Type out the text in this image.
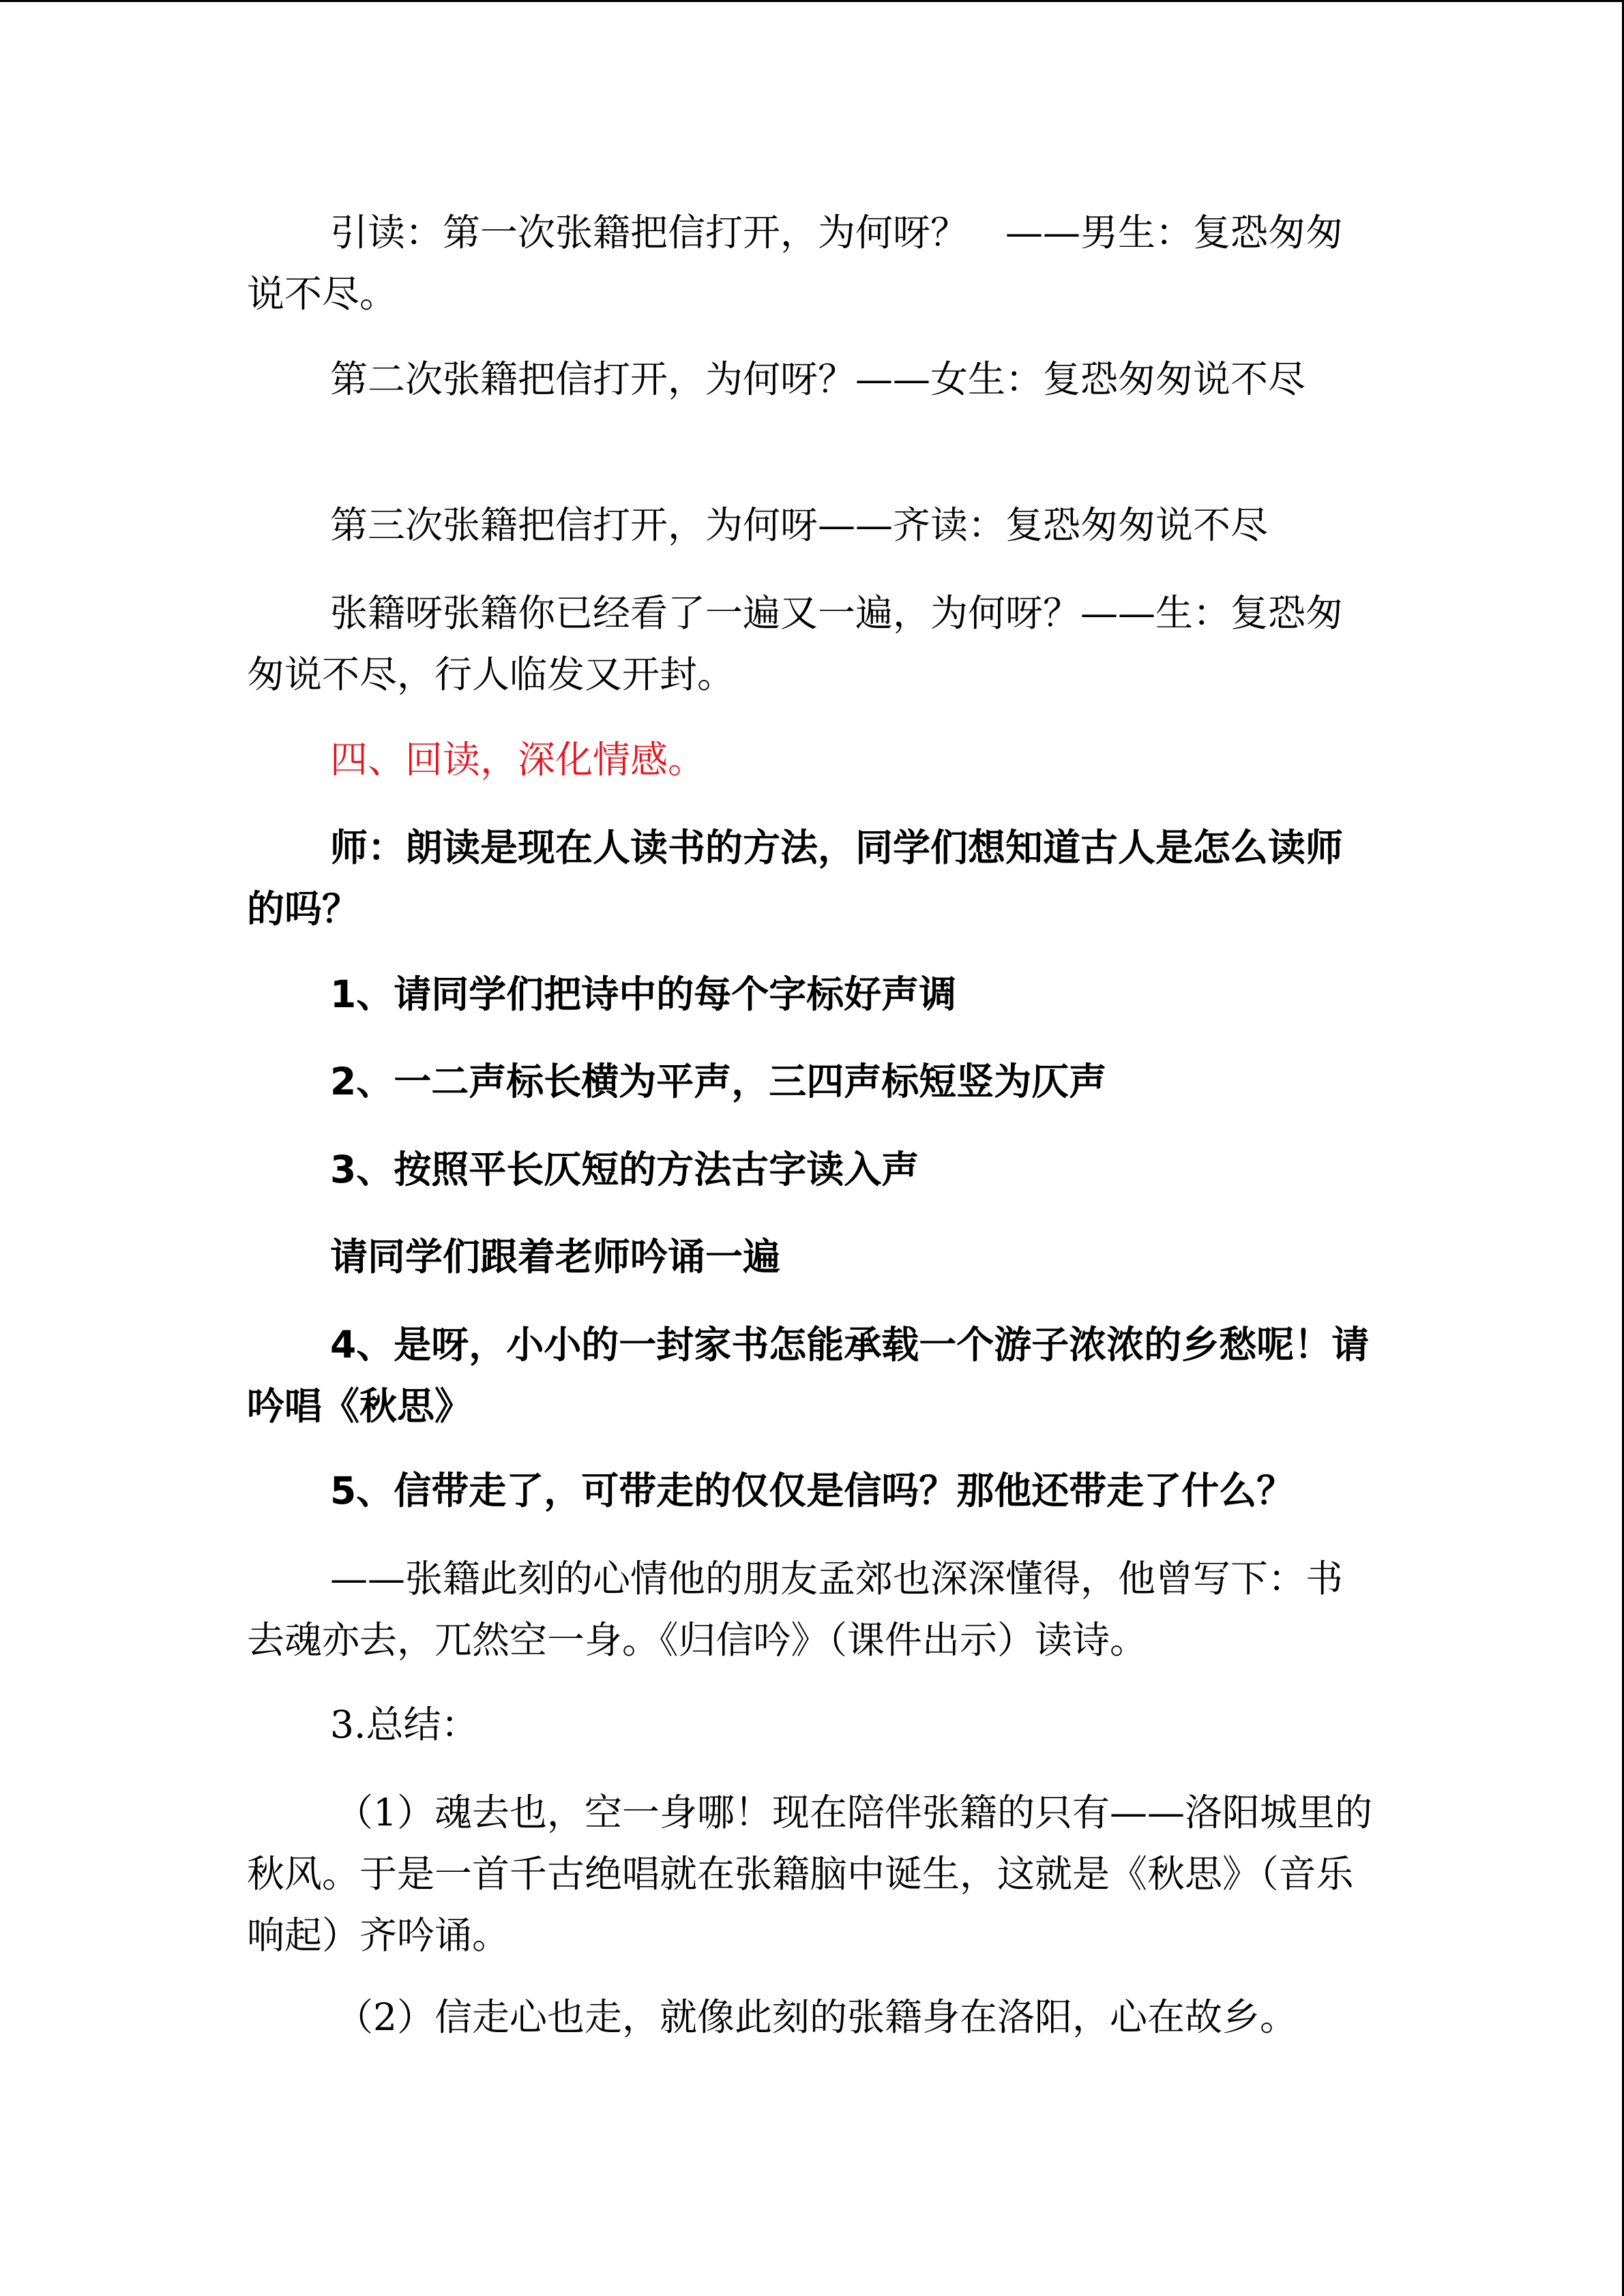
引读：第一次张籍把信打开，为何呀？　——男生：复恐匆匆说不尽。

第二次张籍把信打开，为何呀？——女生：复恐匆匆说不尽

第三次张籍把信打开，为何呀——齐读：复恐匆匆说不尽

张籍呀张籍你已经看了一遍又一遍，为何呀？——生：复恐匆匆说不尽，行人临发又开封。

四、回读，深化情感。

师：朗读是现在人读书的方法，同学们想知道古人是怎么读师的吗？

1、请同学们把诗中的每个字标好声调

2、一二声标长横为平声，三四声标短竖为仄声

3、按照平长仄短的方法古字读入声

请同学们跟着老师吟诵一遍

4、是呀，小小的一封家书怎能承载一个游子浓浓的乡愁呢！请吟唱《秋思》

5、信带走了，可带走的仅仅是信吗？那他还带走了什么？

——张籍此刻的心情他的朋友孟郊也深深懂得，他曾写下：书去魂亦去，兀然空一身。《归信吟》（课件出示）读诗。

3.总结：

（1）魂去也，空一身哪！现在陪伴张籍的只有——洛阳城里的秋风。于是一首千古绝唱就在张籍脑中诞生，这就是《秋思》（音乐响起）齐吟诵。

（2）信走心也走，就像此刻的张籍身在洛阳，心在故乡。
